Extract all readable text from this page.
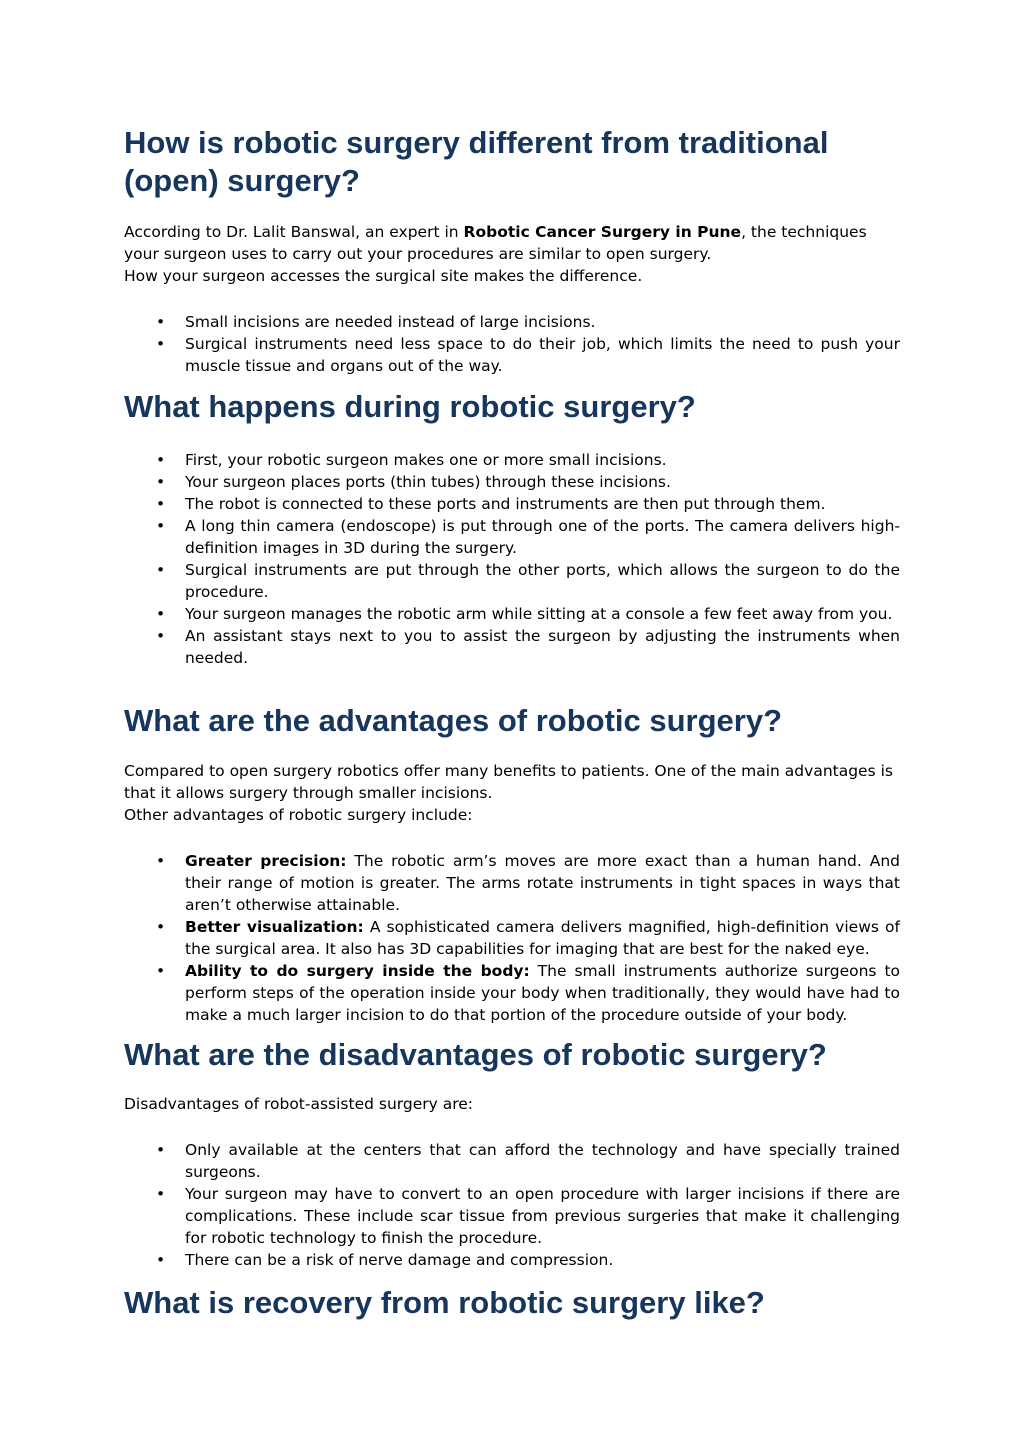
How is robotic surgery different from traditional (open) surgery?

According to Dr. Lalit Banswal, an expert in Robotic Cancer Surgery in Pune, the techniques your surgeon uses to carry out your procedures are similar to open surgery.

How your surgeon accesses the surgical site makes the difference.

• Small incisions are needed instead of large incisions.
• Surgical instruments need less space to do their job, which limits the need to push your muscle tissue and organs out of the way.
What happens during robotic surgery?
• First, your robotic surgeon makes one or more small incisions.
• Your surgeon places ports (thin tubes) through these incisions.
• The robot is connected to these ports and instruments are then put through them.
• A long thin camera (endoscope) is put through one of the ports. The camera delivers high-definition images in 3D during the surgery.
• Surgical instruments are put through the other ports, which allows the surgeon to do the procedure.
• Your surgeon manages the robotic arm while sitting at a console a few feet away from you.
• An assistant stays next to you to assist the surgeon by adjusting the instruments when needed.
What are the advantages of robotic surgery?

Compared to open surgery robotics offer many benefits to patients. One of the main advantages is that it allows surgery through smaller incisions.

Other advantages of robotic surgery include:

• Greater precision: The robotic arm’s moves are more exact than a human hand. And their range of motion is greater. The arms rotate instruments in tight spaces in ways that aren’t otherwise attainable.
• Better visualization: A sophisticated camera delivers magnified, high-definition views of the surgical area. It also has 3D capabilities for imaging that are best for the naked eye.
• Ability to do surgery inside the body: The small instruments authorize surgeons to perform steps of the operation inside your body when traditionally, they would have had to make a much larger incision to do that portion of the procedure outside of your body.
What are the disadvantages of robotic surgery?

Disadvantages of robot-assisted surgery are:

• Only available at the centers that can afford the technology and have specially trained surgeons.
• Your surgeon may have to convert to an open procedure with larger incisions if there are complications. These include scar tissue from previous surgeries that make it challenging for robotic technology to finish the procedure.
• There can be a risk of nerve damage and compression.
What is recovery from robotic surgery like?
